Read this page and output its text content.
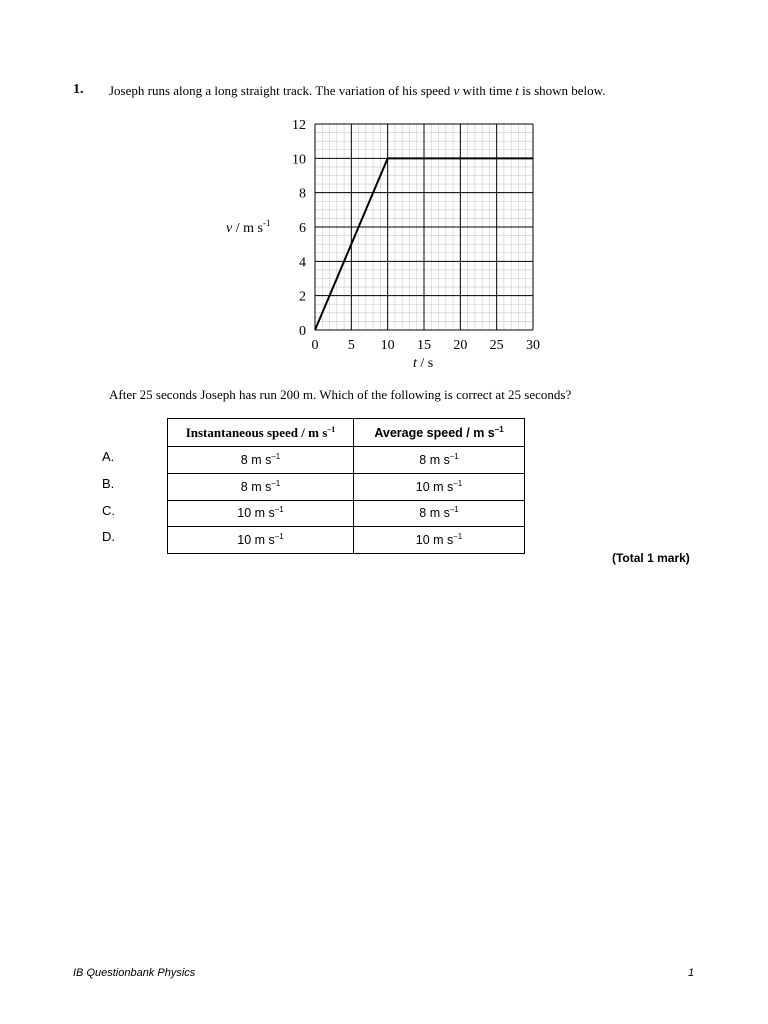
1. Joseph runs along a long straight track. The variation of his speed v with time t is shown below.
0 5 10 15 20 25 30
0
2
4
6
8
10
12
v / m $s^{-1}$
t / s
After 25 seconds Joseph has run 200 m. Which of the following is correct at 25 seconds?
A.
B.
C.
D.
Instantaneous speed / m $s^{-1}$	Average speed / m $s^{-1}$
8 m $s^{-1}$	8 m $s^{-1}$
8 m $s^{-1}$	10 m $s^{-1}$
10 m $s^{-1}$	8 m $s^{-1}$
10 m $s^{-1}$	10 m $s^{-1}$
(Total 1 mark)
IB Questionbank Physics	1
